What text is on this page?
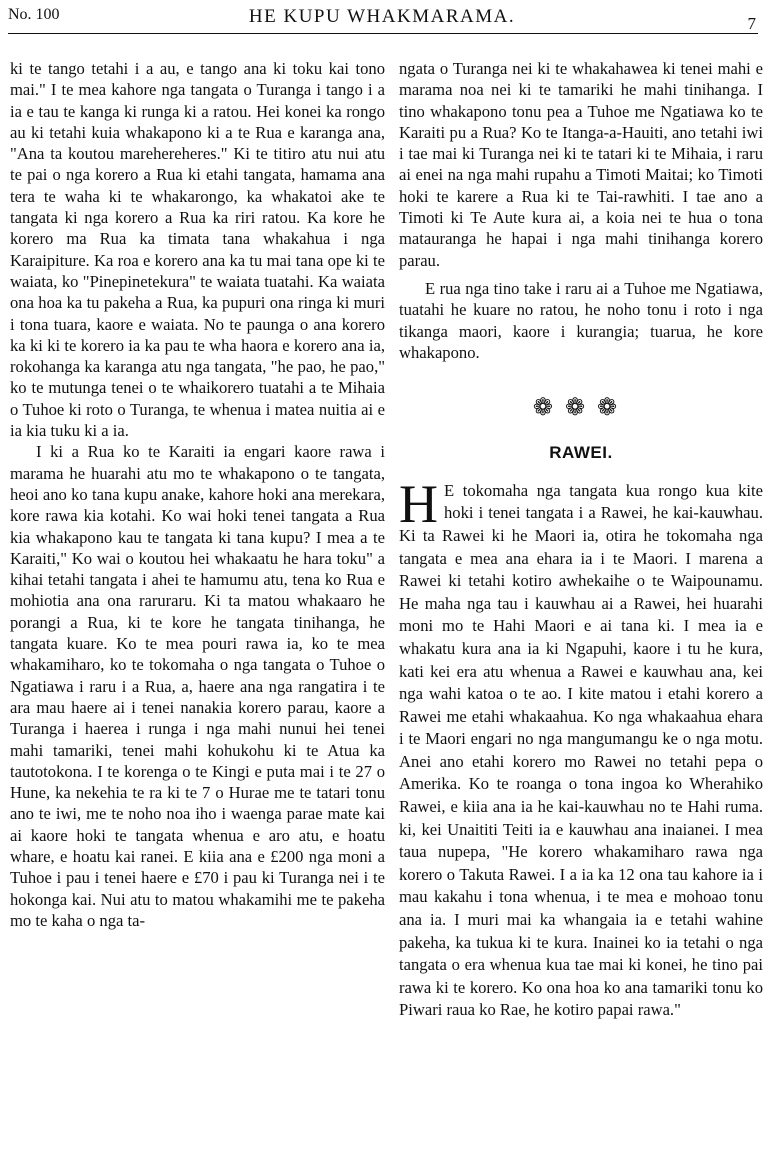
No. 100	HE KUPU WHAKMARAMA.	7

ki te tango tetahi i a au, e tango ana ki toku kai tono mai." I te mea kahore nga tangata o Turanga i tango i a ia e tau te kanga ki runga ki a ratou. Hei konei ka rongo au ki tetahi kuia whakapono ki a te Rua e karanga ana, "Ana ta koutou marehereheres." Ki te titiro atu nui atu te pai o nga korero a Rua ki etahi tangata, hamama ana tera te waha ki te whakarongo, ka whakatoi ake te tangata ki nga korero a Rua ka riri ratou. Ka kore he korero ma Rua ka timata tana whakahua i nga Karaipiture. Ka roa e korero ana ka tu mai tana ope ki te waiata, ko "Pinepinetekura" te waiata tuatahi. Ka waiata ona hoa ka tu pakeha a Rua, ka pupuri ona ringa ki muri i tona tuara, kaore e waiata. No te paunga o ana korero ka ki ki te korero ia ka pau te wha haora e korero ana ia, rokohanga ka karanga atu nga tangata, "he pao, he pao," ko te mutunga tenei o te whaikorero tuatahi a te Mihaia o Tuhoe ki roto o Turanga, te whenua i matea nuitia ai e ia kia tuku ki a ia.

I ki a Rua ko te Karaiti ia engari kaore rawa i marama he huarahi atu mo te whakapono o te tangata, heoi ano ko tana kupu anake, kahore hoki ana merekara, kore rawa kia kotahi. Ko wai hoki tenei tangata a Rua kia whakapono kau te tangata ki tana kupu? I mea a te Karaiti," Ko wai o koutou hei whakaatu he hara toku" a kihai tetahi tangata i ahei te hamumu atu, tena ko Rua e mohiotia ana ona raruraru. Ki ta matou whakaaro he porangi a Rua, ki te kore he tangata tinihanga, he tangata kuare. Ko te mea pouri rawa ia, ko te mea whakamiharo, ko te tokomaha o nga tangata o Tuhoe o Ngatiawa i raru i a Rua, a, haere ana nga rangatira i te ara mau haere ai i tenei nanakia korero parau, kaore a Turanga i haerea i runga i nga mahi nunui hei tenei mahi tamariki, tenei mahi kohukohu ki te Atua ka tautotokona. I te korenga o te Kingi e puta mai i te 27 o Hune, ka nekehia te ra ki te 7 o Hurae me te tatari tonu ano te iwi, me te noho noa iho i waenga parae mate kai ai kaore hoki te tangata whenua e aro atu, e hoatu whare, e hoatu kai ranei. E kiia ana e £200 nga moni a Tuhoe i pau i tenei haere e £70 i pau ki Turanga nei i te hokonga kai. Nui atu to matou whakamihi me te pakeha mo te kaha o nga ta-

ngata o Turanga nei ki te whakahawea ki tenei mahi e marama noa nei ki te tamariki he mahi tinihanga. I tino whakapono tonu pea a Tuhoe me Ngatiawa ko te Karaiti pu a Rua? Ko te Itanga-a-Hauiti, ano tetahi iwi i tae mai ki Turanga nei ki te tatari ki te Mihaia, i raru ai enei na nga mahi rupahu a Timoti Maitai; ko Timoti hoki te karere a Rua ki te Tai-rawhiti. I tae ano a Timoti ki Te Aute kura ai, a koia nei te hua o tona matauranga he hapai i nga mahi tinihanga korero parau.

E rua nga tino take i raru ai a Tuhoe me Ngatiawa, tuatahi he kuare no ratou, he noho tonu i roto i nga tikanga maori, kaore i kurangia; tuarua, he kore whakapono.

❁❁❁
RAWEI.

H E tokomaha nga tangata kua rongo kua kite hoki i tenei tangata i a Rawei, he kai-kauwhau. Ki ta Rawei ki he Maori ia, otira he tokomaha nga tangata e mea ana ehara ia i te Maori. I marena a Rawei ki tetahi kotiro awhekaihe o te Waipounamu. He maha nga tau i kauwhau ai a Rawei, hei huarahi moni mo te Hahi Maori e ai tana ki. I mea ia e whakatu kura ana ia ki Ngapuhi, kaore i tu he kura, kati kei era atu whenua a Rawei e kauwhau ana, kei nga wahi katoa o te ao. I kite matou i etahi korero a Rawei me etahi whakaahua. Ko nga whakaahua ehara i te Maori engari no nga mangumangu ke o nga motu. Anei ano etahi korero mo Rawei no tetahi pepa o Amerika. Ko te roanga o tona ingoa ko Wherahiko Rawei, e kiia ana ia he kai-kauwhau no te Hahi ruma. ki, kei Unaititi Teiti ia e kauwhau ana inaianei. I mea taua nupepa, "He korero whakamiharo rawa nga korero o Takuta Rawei. I a ia ka 12 ona tau kahore ia i mau kakahu i tona whenua, i te mea e mohoao tonu ana ia. I muri mai ka whangaia ia e tetahi wahine pakeha, ka tukua ki te kura. Inainei ko ia tetahi o nga tangata o era whenua kua tae mai ki konei, he tino pai rawa ki te korero. Ko ona hoa ko ana tamariki tonu ko Piwari raua ko Rae, he kotiro papai rawa."
